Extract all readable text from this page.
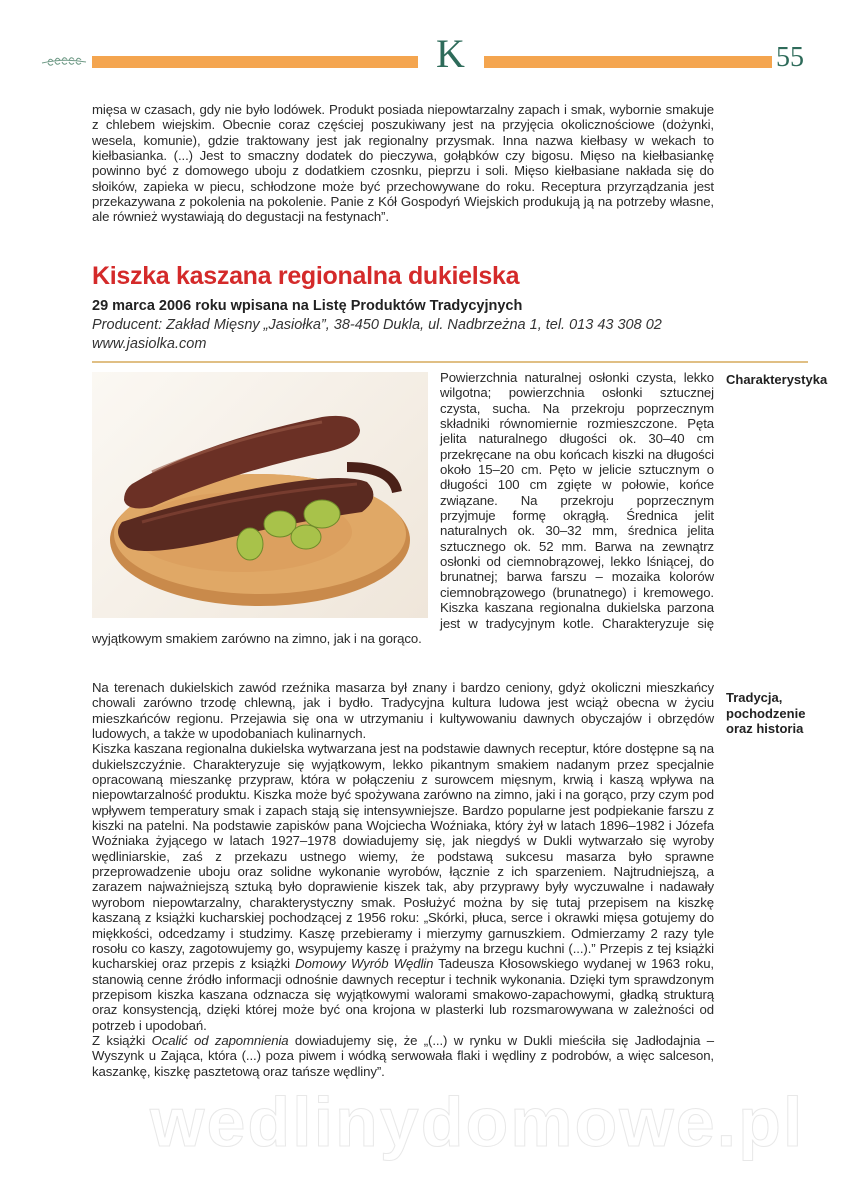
K	55
mięsa w czasach, gdy nie było lodówek. Produkt posiada niepowtarzalny zapach i smak, wybornie smakuje z chlebem wiejskim. Obecnie coraz częściej poszukiwany jest na przyjęcia okolicznościowe (dożynki, wesela, komunie), gdzie traktowany jest jak regionalny przysmak. Inna nazwa kiełbasy w wekach to kiełbasianka. (...) Jest to smaczny dodatek do pieczywa, gołąbków czy bigosu. Mięso na kiełbasiankę powinno być z domowego uboju z dodatkiem czosnku, pieprzu i soli. Mięso kiełbasiane nakłada się do słoików, zapieka w piecu, schłodzone może być przechowywane do roku. Receptura przyrządzania jest przekazywana z pokolenia na pokolenie. Panie z Kół Gospodyń Wiejskich produkują ją na potrzeby własne, ale również wystawiają do degustacji na festynach”.
Kiszka kaszana regionalna dukielska
29 marca 2006 roku wpisana na Listę Produktów Tradycyjnych
Producent: Zakład Mięsny „Jasiołka”, 38-450 Dukla, ul. Nadbrzeżna 1, tel. 013 43 308 02
www.jasiolka.com
Powierzchnia naturalnej osłonki czysta, lekko wilgotna; powierzchnia osłonki sztucznej czysta, sucha. Na przekroju poprzecznym składniki równomiernie rozmieszczone. Pęta jelita naturalnego długości ok. 30–40 cm przekręcane na obu końcach kiszki na długości około 15–20 cm. Pęto w jelicie sztucznym o długości 100 cm zgięte w połowie, końce związane. Na przekroju poprzecznym przyjmuje formę okrągłą. Średnica jelit naturalnych ok. 30–32 mm, średnica jelita sztucznego ok. 52 mm. Barwa na zewnątrz osłonki od ciemnobrązowej, lekko lśniącej, do brunatnej; barwa farszu – mozaika kolorów ciemnobrązowego (brunatnego) i kremowego. Kiszka kaszana regionalna dukielska parzona jest w tradycyjnym kotle. Charakteryzuje się wyjątkowym smakiem zarówno na zimno, jak i na gorąco.
Charakterystyka
Na terenach dukielskich zawód rzeźnika masarza był znany i bardzo ceniony, gdyż okoliczni mieszkańcy chowali zarówno trzodę chlewną, jak i bydło. Tradycyjna kultura ludowa jest wciąż obecna w życiu mieszkańców regionu. Przejawia się ona w utrzymaniu i kultywowaniu dawnych obyczajów i obrzędów ludowych, a także w upodobaniach kulinarnych.
Kiszka kaszana regionalna dukielska wytwarzana jest na podstawie dawnych receptur, które dostępne są na dukielszczyźnie. Charakteryzuje się wyjątkowym, lekko pikantnym smakiem nadanym przez specjalnie opracowaną mieszankę przypraw, która w połączeniu z surowcem mięsnym, krwią i kaszą wpływa na niepowtarzalność produktu. Kiszka może być spożywana zarówno na zimno, jaki i na gorąco, przy czym pod wpływem temperatury smak i zapach stają się intensywniejsze. Bardzo popularne jest podpiekanie farszu z kiszki na patelni. Na podstawie zapisków pana Wojciecha Woźniaka, który żył w latach 1896–1982 i Józefa Woźniaka żyjącego w latach 1927–1978 dowiadujemy się, jak niegdyś w Dukli wytwarzało się wyroby wędliniarskie, zaś z przekazu ustnego wiemy, że podstawą sukcesu masarza było sprawne przeprowadzenie uboju oraz solidne wykonanie wyrobów, łącznie z ich sparzeniem. Najtrudniejszą, a zarazem najważniejszą sztuką było doprawienie kiszek tak, aby przyprawy były wyczuwalne i nadawały wyrobom niepowtarzalny, charakterystyczny smak. Posłużyć można by się tutaj przepisem na kiszkę kaszaną z książki kucharskiej pochodzącej z 1956 roku: „Skórki, płuca, serce i okrawki mięsa gotujemy do miękkości, odcedzamy i studzimy. Kaszę przebieramy i mierzymy garnuszkiem. Odmierzamy 2 razy tyle rosołu co kaszy, zagotowujemy go, wsypujemy kaszę i prażymy na brzegu kuchni (...).” Przepis z tej książki kucharskiej oraz przepis z książki Domowy Wyrób Wędlin Tadeusza Kłosowskiego wydanej w 1963 roku, stanowią cenne źródło informacji odnośnie dawnych receptur i technik wykonania. Dzięki tym sprawdzonym przepisom kiszka kaszana odznacza się wyjątkowymi walorami smakowo-zapachowymi, gładką strukturą oraz konsystencją, dzięki której może być ona krojona w plasterki lub rozsmarowywana w zależności od potrzeb i upodobań.
Z książki Ocalić od zapomnienia dowiadujemy się, że „(...) w rynku w Dukli mieściła się Jadłodajnia – Wyszynk u Zająca, która (...) poza piwem i wódką serwowała flaki i wędliny z podrobów, a więc salceson, kaszankę, kiszkę pasztetową oraz tańsze wędliny”.
Tradycja, pochodzenie oraz historia
wedlinydomowe.pl
